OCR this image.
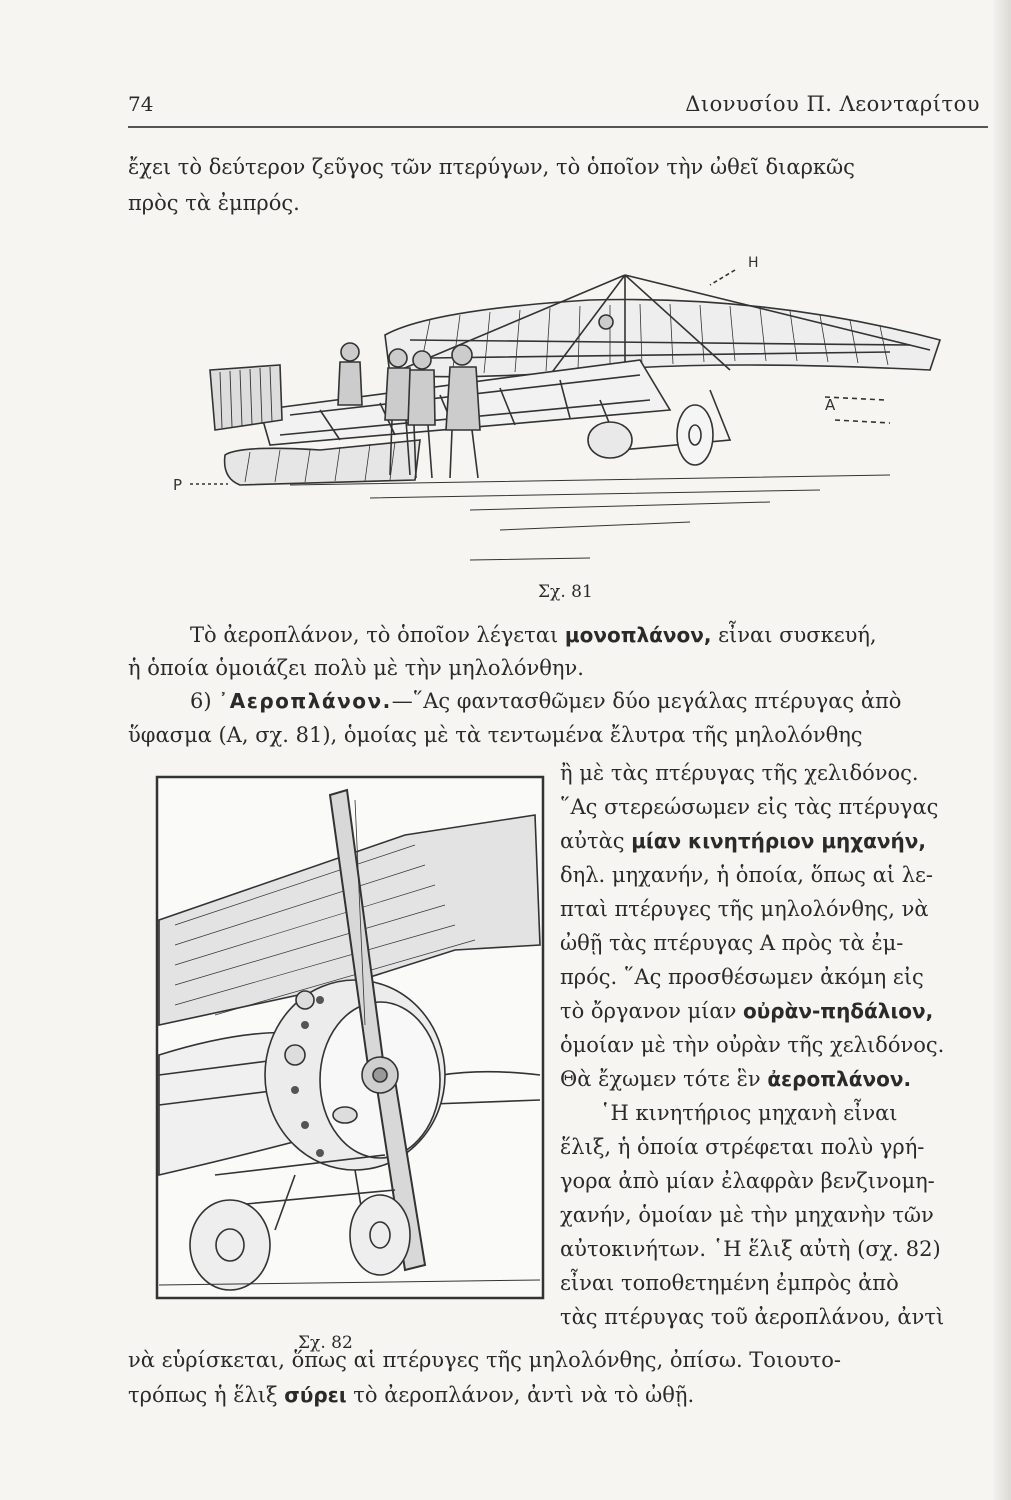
74	Διονυσίου Π. Λεονταρίτου
ἔχει τὸ δεύτερον ζεῦγος τῶν πτερύγων, τὸ ὁποῖον τὴν ὠθεῖ διαρκῶς
πρὸς τὰ ἐμπρός.
Η
Α
Ρ
Σχ. 81
Τὸ ἀεροπλάνον, τὸ ὁποῖον λέγεται μονοπλάνον, εἶναι συσκευή,
ἡ ὁποία ὁμοιάζει πολὺ μὲ τὴν μηλολόνθην.
6) ᾿Αεροπλάνον.—῞Ας φαντασθῶμεν δύο μεγάλας πτέρυγας ἀπὸ
ὕφασμα (Α, σχ. 81), ὁμοίας μὲ τὰ τεντωμένα ἔλυτρα τῆς μηλολόνθης
Σχ. 82
ἢ μὲ τὰς πτέρυγας τῆς χελιδόνος.
῞Ας στερεώσωμεν εἰς τὰς πτέρυγας
αὐτὰς μίαν κινητήριον μηχανήν,
δηλ. μηχανήν, ἡ ὁποία, ὅπως αἱ λε-
πταὶ πτέρυγες τῆς μηλολόνθης, νὰ
ὠθῇ τὰς πτέρυγας Α πρὸς τὰ ἐμ-
πρός. ῞Ας προσθέσωμεν ἀκόμη εἰς
τὸ ὄργανον μίαν οὐρὰν-πηδάλιον,
ὁμοίαν μὲ τὴν οὐρὰν τῆς χελιδόνος.
Θὰ ἔχωμεν τότε ἓν ἀεροπλάνον.
῾Η κινητήριος μηχανὴ εἶναι
ἕλιξ, ἡ ὁποία στρέφεται πολὺ γρή-
γορα ἀπὸ μίαν ἐλαφρὰν βενζινομη-
χανήν, ὁμοίαν μὲ τὴν μηχανὴν τῶν
αὐτοκινήτων. ῾Η ἕλιξ αὐτὴ (σχ. 82)
εἶναι τοποθετημένη ἐμπρὸς ἀπὸ
τὰς πτέρυγας τοῦ ἀεροπλάνου, ἀντὶ
νὰ εὑρίσκεται, ὅπως αἱ πτέρυγες τῆς μηλολόνθης, ὀπίσω. Τοιουτο-
τρόπως ἡ ἕλιξ σύρει τὸ ἀεροπλάνον, ἀντὶ νὰ τὸ ὠθῇ.
